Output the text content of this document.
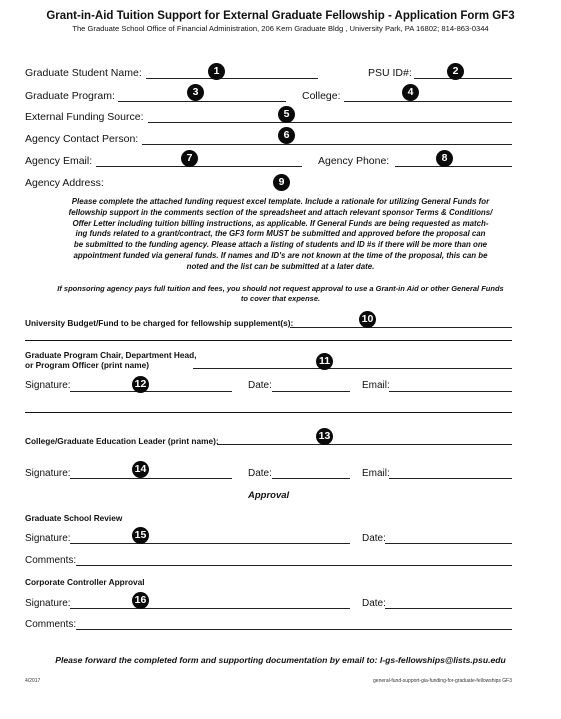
Grant-in-Aid Tuition Support for External Graduate Fellowship - Application Form GF3
The Graduate School Office of Financial Administration, 206 Kern Graduate Bldg , University Park, PA 16802; 814-863-0344
Graduate Student Name:	1	PSU ID#:	2
Graduate Program:	3	College:	4
External Funding Source:	5
Agency Contact Person:	6
Agency Email:	7	Agency Phone:	8
Agency Address:	9
Please complete the attached funding request excel template. Include a rationale for utilizing General Funds for
fellowship support in the comments section of the spreadsheet and attach relevant sponsor Terms & Conditions/
Offer Letter including tuition billing instructions, as applicable. If General Funds are being requested as match-
ing funds related to a grant/contract, the GF3 form MUST be submitted and approved before the proposal can
be submitted to the funding agency. Please attach a listing of students and ID #s if there will be more than one
appointment funded via general funds. If names and ID's are not known at the time of the proposal, this can be
noted and the list can be submitted at a later date.
If sponsoring agency pays full tuition and fees, you should not request approval to use a Grant-in Aid or other General Funds
to cover that expense.
University Budget/Fund to be charged for fellowship supplement(s):	10
Graduate Program Chair, Department Head,
or Program Officer (print name)	11
Signature:	12	Date:	Email:
College/Graduate Education Leader (print name):	13
Signature:	14	Date:	Email:
Approval
Graduate School Review
Signature:	15	Date:
Comments:
Corporate Controller Approval
Signature:	16	Date:
Comments:
Please forward the completed form and supporting documentation by email to: l-gs-fellowships@lists.psu.edu
4/2017	general-fund-support-gia-funding-for-graduate-fellowships GF3
